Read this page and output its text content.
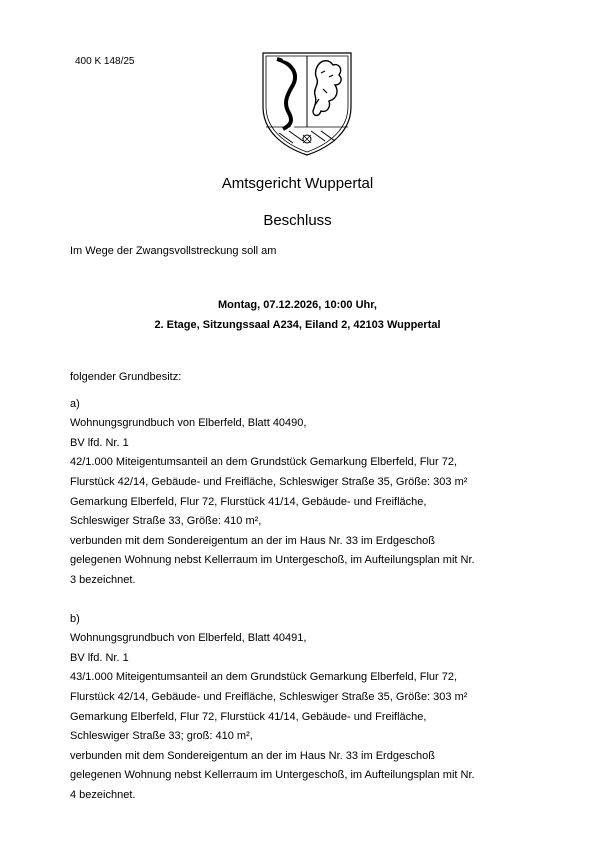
400 K 148/25
Amtsgericht Wuppertal
Beschluss
Im Wege der Zwangsvollstreckung soll am
Montag, 07.12.2026, 10:00 Uhr,
2. Etage, Sitzungssaal A234, Eiland 2, 42103 Wuppertal

folgender Grundbesitz:

a)

Wohnungsgrundbuch von Elberfeld, Blatt 40490,

BV lfd. Nr. 1

42/1.000 Miteigentumsanteil an dem Grundstück Gemarkung Elberfeld, Flur 72,

Flurstück 42/14, Gebäude- und Freifläche, Schleswiger Straße 35, Größe: 303 m²

Gemarkung Elberfeld, Flur 72, Flurstück 41/14, Gebäude- und Freifläche,

Schleswiger Straße 33, Größe: 410 m²,

verbunden mit dem Sondereigentum an der im Haus Nr. 33 im Erdgeschoß

gelegenen Wohnung nebst Kellerraum im Untergeschoß, im Aufteilungsplan mit Nr.

3 bezeichnet.

b)

Wohnungsgrundbuch von Elberfeld, Blatt 40491,

BV lfd. Nr. 1

43/1.000 Miteigentumsanteil an dem Grundstück Gemarkung Elberfeld, Flur 72,

Flurstück 42/14, Gebäude- und Freifläche, Schleswiger Straße 35, Größe: 303 m²

Gemarkung Elberfeld, Flur 72, Flurstück 41/14, Gebäude- und Freifläche,

Schleswiger Straße 33; groß: 410 m²,

verbunden mit dem Sondereigentum an der im Haus Nr. 33 im Erdgeschoß

gelegenen Wohnung nebst Kellerraum im Untergeschoß, im Aufteilungsplan mit Nr.

4 bezeichnet.
